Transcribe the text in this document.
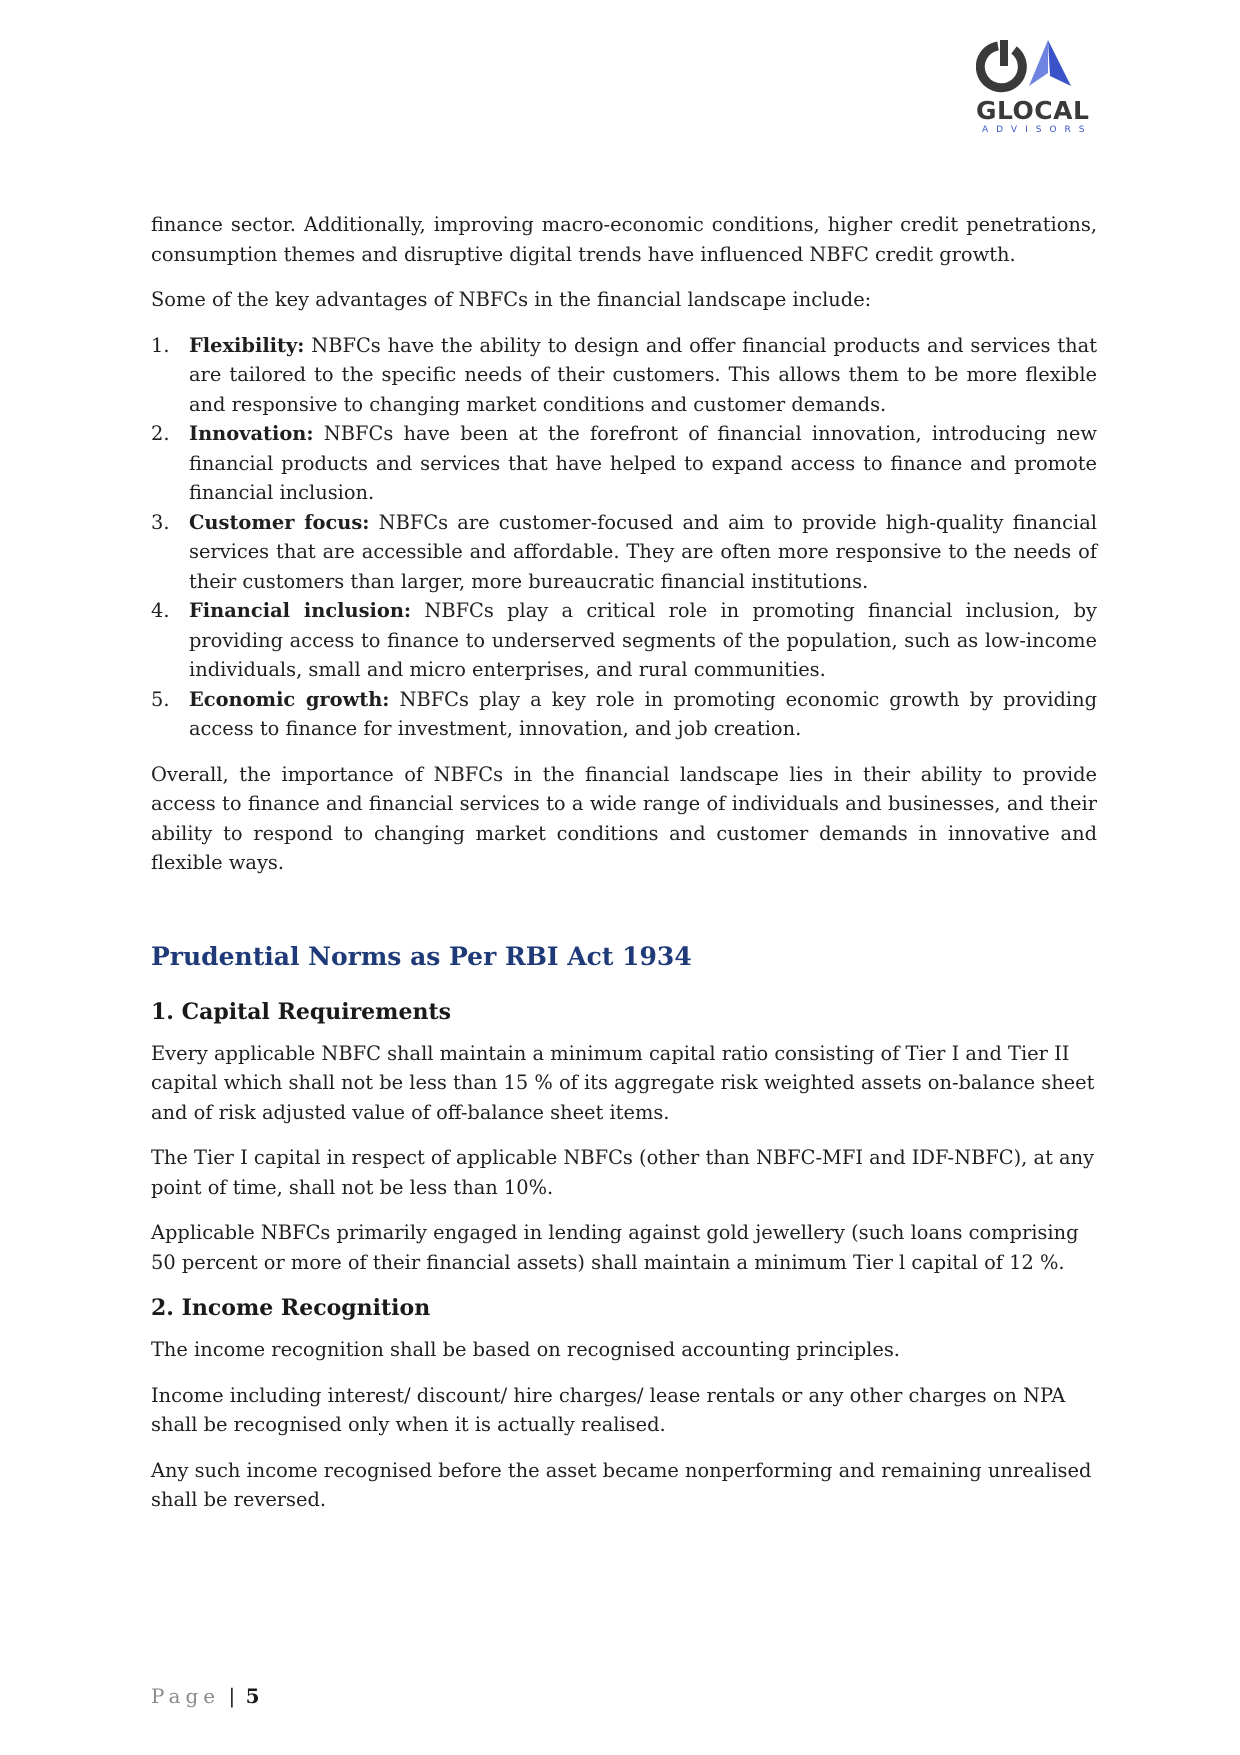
GLOCAL
ADVISORS

finance sector. Additionally, improving macro-economic conditions, higher credit penetrations, consumption themes and disruptive digital trends have influenced NBFC credit growth.

Some of the key advantages of NBFCs in the financial landscape include:

1. Flexibility: NBFCs have the ability to design and offer financial products and services that are tailored to the specific needs of their customers. This allows them to be more flexible and responsive to changing market conditions and customer demands.
2. Innovation: NBFCs have been at the forefront of financial innovation, introducing new financial products and services that have helped to expand access to finance and promote financial inclusion.
3. Customer focus: NBFCs are customer-focused and aim to provide high-quality financial services that are accessible and affordable. They are often more responsive to the needs of their customers than larger, more bureaucratic financial institutions.
4. Financial inclusion: NBFCs play a critical role in promoting financial inclusion, by providing access to finance to underserved segments of the population, such as low-income individuals, small and micro enterprises, and rural communities.
5. Economic growth: NBFCs play a key role in promoting economic growth by providing access to finance for investment, innovation, and job creation.

Overall, the importance of NBFCs in the financial landscape lies in their ability to provide access to finance and financial services to a wide range of individuals and businesses, and their ability to respond to changing market conditions and customer demands in innovative and flexible ways.

Prudential Norms as Per RBI Act 1934
1. Capital Requirements

Every applicable NBFC shall maintain a minimum capital ratio consisting of Tier I and Tier II capital which shall not be less than 15 % of its aggregate risk weighted assets on-balance sheet and of risk adjusted value of off-balance sheet items.

The Tier I capital in respect of applicable NBFCs (other than NBFC-MFI and IDF-NBFC), at any point of time, shall not be less than 10%.

Applicable NBFCs primarily engaged in lending against gold jewellery (such loans comprising 50 percent or more of their financial assets) shall maintain a minimum Tier l capital of 12 %.

2. Income Recognition

The income recognition shall be based on recognised accounting principles.

Income including interest/ discount/ hire charges/ lease rentals or any other charges on NPA shall be recognised only when it is actually realised.

Any such income recognised before the asset became nonperforming and remaining unrealised shall be reversed.

Page | 5
